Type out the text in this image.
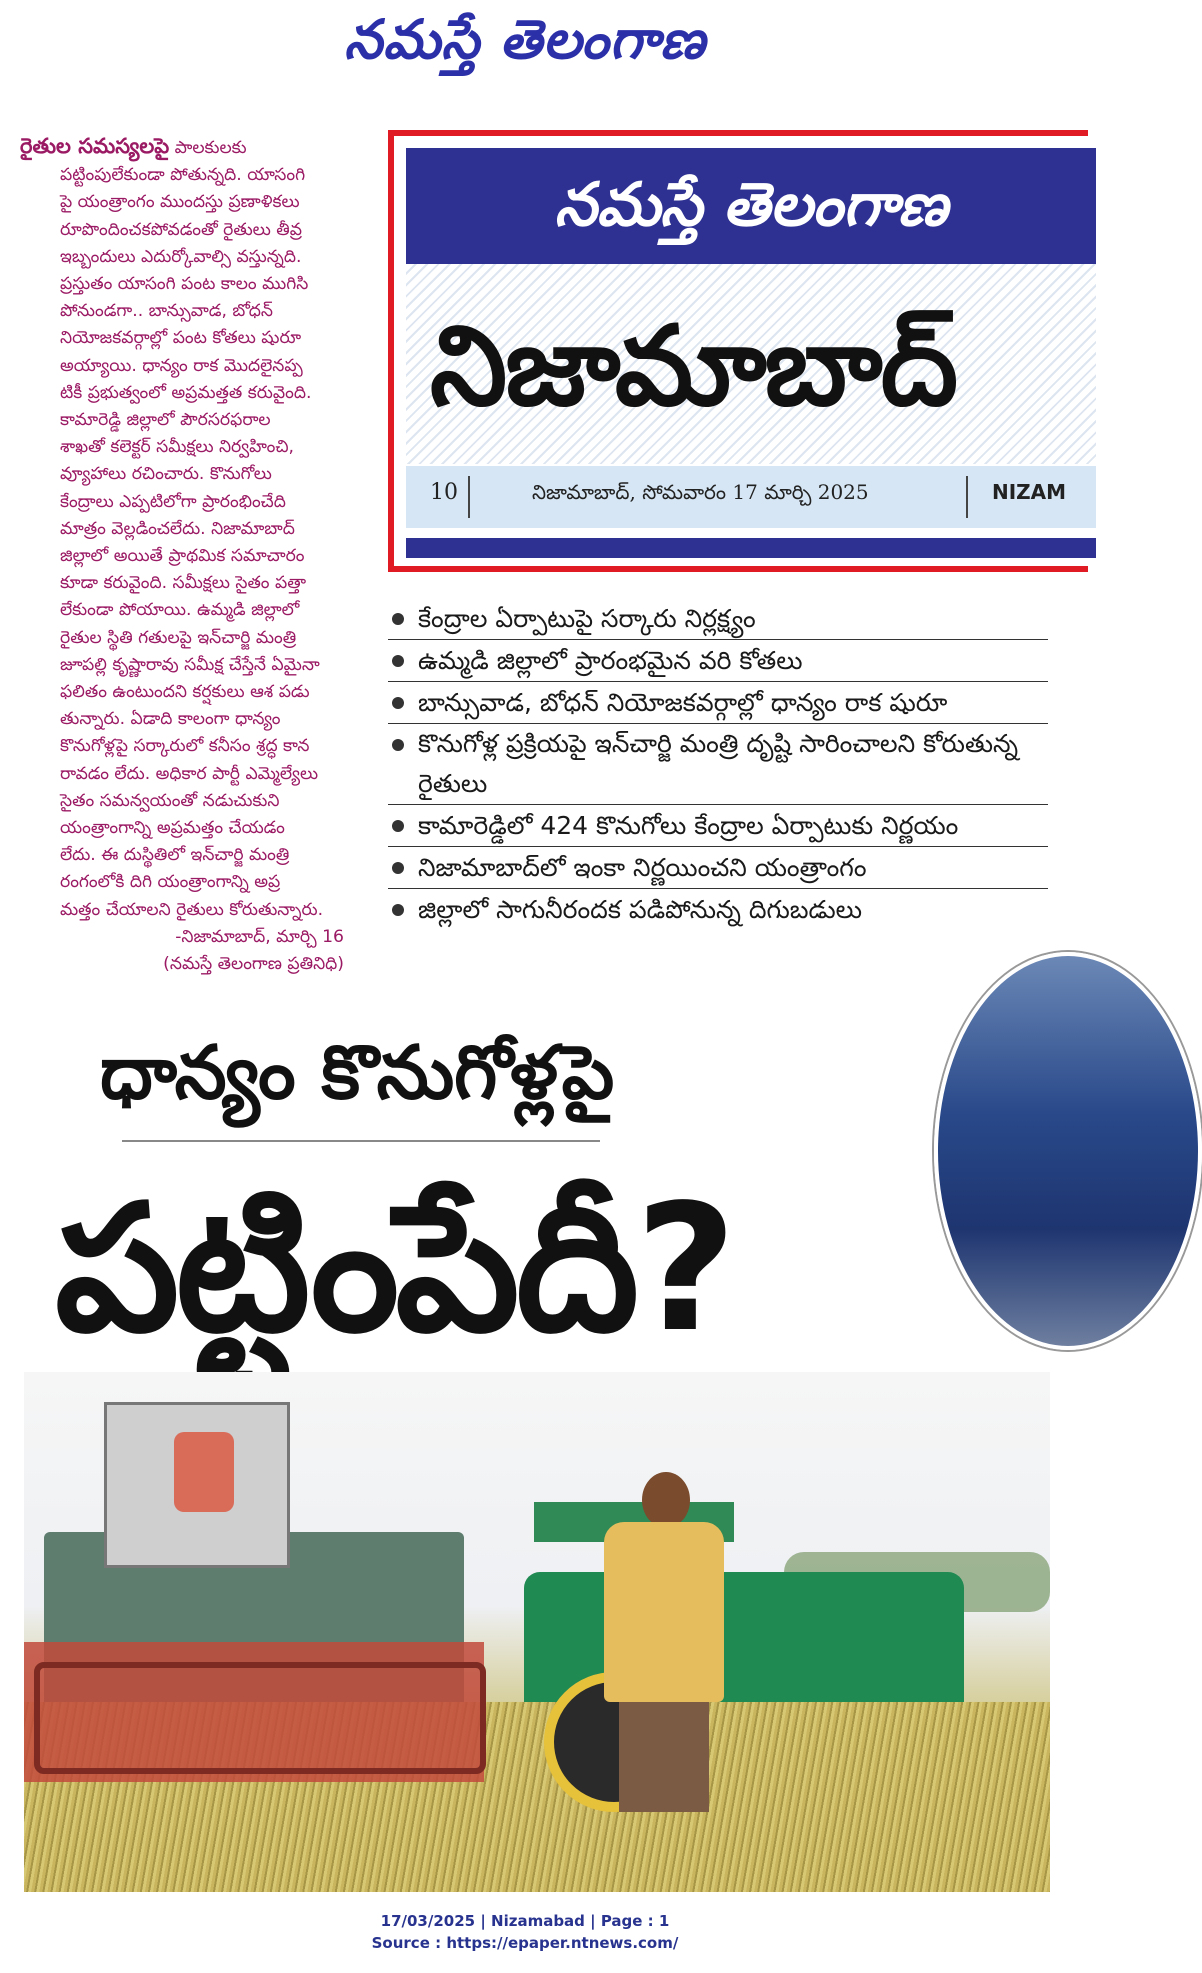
నమస్తే తెలంగాణ
రైతుల సమస్యలపై పాలకులకు
పట్టింపులేకుండా పోతున్నది. యాసంగి
పై యంత్రాంగం ముందస్తు ప్రణాళికలు
రూపొందించకపోవడంతో రైతులు తీవ్ర
ఇబ్బందులు ఎదుర్కోవాల్సి వస్తున్నది.
ప్రస్తుతం యాసంగి పంట కాలం ముగిసి
పోనుండగా.. బాన్సువాడ, బోధన్
నియోజకవర్గాల్లో పంట కోతలు షురూ
అయ్యాయి. ధాన్యం రాక మొదలైనప్ప
టికీ ప్రభుత్వంలో అప్రమత్తత కరువైంది.
కామారెడ్డి జిల్లాలో పౌరసరఫరాల
శాఖతో కలెక్టర్ సమీక్షలు నిర్వహించి,
వ్యూహాలు రచించారు. కొనుగోలు
కేంద్రాలు ఎప్పటిలోగా ప్రారంభించేది
మాత్రం వెల్లడించలేదు. నిజామాబాద్
జిల్లాలో అయితే ప్రాథమిక సమాచారం
కూడా కరువైంది. సమీక్షలు సైతం పత్తా
లేకుండా పోయాయి. ఉమ్మడి జిల్లాలో
రైతుల స్థితి గతులపై ఇన్‌చార్జి మంత్రి
జూపల్లి కృష్ణారావు సమీక్ష చేస్తేనే ఏమైనా
ఫలితం ఉంటుందని కర్షకులు ఆశ పడు
తున్నారు. ఏడాది కాలంగా ధాన్యం
కొనుగోళ్లపై సర్కారులో కనీసం శ్రద్ధ కాన
రావడం లేదు. అధికార పార్టీ ఎమ్మెల్యేలు
సైతం సమన్వయంతో నడుచుకుని
యంత్రాంగాన్ని అప్రమత్తం చేయడం
లేదు. ఈ దుస్థితిలో ఇన్‌చార్జి మంత్రి
రంగంలోకి దిగి యంత్రాంగాన్ని అప్ర
మత్తం చేయాలని రైతులు కోరుతున్నారు.

-నిజామాబాద్, మార్చి 16

(నమస్తే తెలంగాణ ప్రతినిధి)

నమస్తే తెలంగాణ
నిజామాబాద్
10	నిజామాబాద్, సోమవారం 17 మార్చి 2025	NIZAM
కేంద్రాల ఏర్పాటుపై సర్కారు నిర్లక్ష్యం
ఉమ్మడి జిల్లాలో ప్రారంభమైన వరి కోతలు
బాన్సువాడ, బోధన్ నియోజకవర్గాల్లో ధాన్యం రాక షురూ
కొనుగోళ్ల ప్రక్రియపై ఇన్‌చార్జి మంత్రి దృష్టి సారించాలని కోరుతున్న రైతులు
కామారెడ్డిలో 424 కొనుగోలు కేంద్రాల ఏర్పాటుకు నిర్ణయం
నిజామాబాద్‌లో ఇంకా నిర్ణయించని యంత్రాంగం
జిల్లాలో సాగునీరందక పడిపోనున్న దిగుబడులు
ధాన్యం కొనుగోళ్లపై
పట్టింపేదీ?
17/03/2025 | Nizamabad | Page : 1
Source : https://epaper.ntnews.com/
